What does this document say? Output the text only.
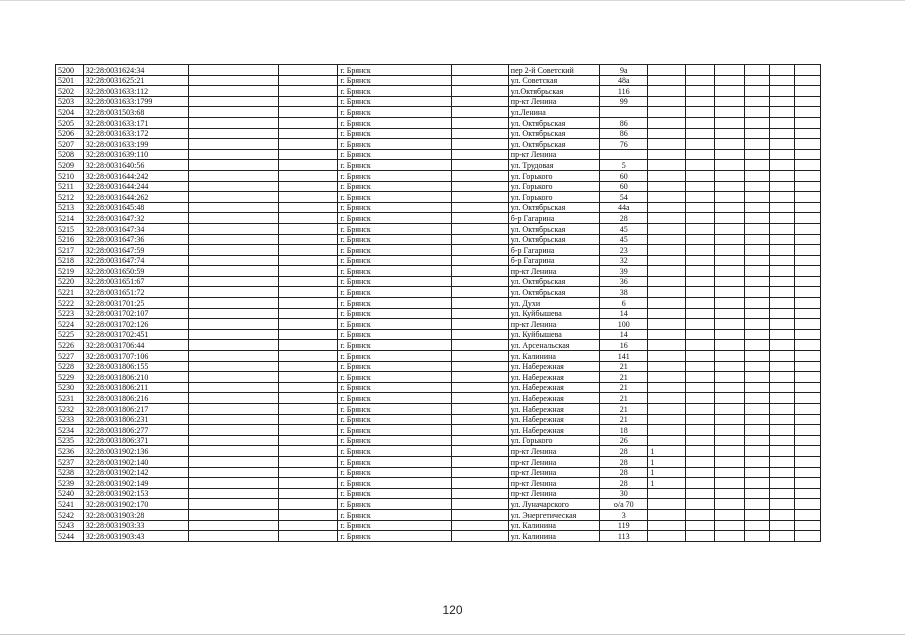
5200	32:28:0031624:34			г. Брянск		пер 2-й Советский	9а						
5201	32:28:0031625:21			г. Брянск		ул. Советская	48а						
5202	32:28:0031633:112			г. Брянск		ул.Октябрьская	116						
5203	32:28:0031633:1799			г. Брянск		пр-кт Ленина	99						
5204	32:28:0031503:68			г. Брянск		ул.Ленина							
5205	32:28:0031633:171			г. Брянск		ул. Октябрьская	86						
5206	32:28:0031633:172			г. Брянск		ул. Октябрьская	86						
5207	32:28:0031633:199			г. Брянск		ул. Октябрьская	76						
5208	32:28:0031639:110			г. Брянск		пр-кт Ленина							
5209	32:28:0031640:56			г. Брянск		ул. Трудовая	5						
5210	32:28:0031644:242			г. Брянск		ул. Горького	60						
5211	32:28:0031644:244			г. Брянск		ул. Горького	60						
5212	32:28:0031644:262			г. Брянск		ул. Горького	54						
5213	32:28:0031645:48			г. Брянск		ул. Октябрьская	44а						
5214	32:28:0031647:32			г. Брянск		б-р Гагарина	28						
5215	32:28:0031647:34			г. Брянск		ул. Октябрьская	45						
5216	32:28:0031647:36			г. Брянск		ул. Октябрьская	45						
5217	32:28:0031647:59			г. Брянск		б-р Гагарина	23						
5218	32:28:0031647:74			г. Брянск		б-р Гагарина	32						
5219	32:28:0031650:59			г. Брянск		пр-кт Ленина	39						
5220	32:28:0031651:67			г. Брянск		ул. Октябрьская	36						
5221	32:28:0031651:72			г. Брянск		ул. Октябрьская	38						
5222	32:28:0031701:25			г. Брянск		ул. Духи	6						
5223	32:28:0031702:107			г. Брянск		ул. Куйбышева	14						
5224	32:28:0031702:126			г. Брянск		пр-кт Ленина	100						
5225	32:28:0031702:451			г. Брянск		ул. Куйбышева	14						
5226	32:28:0031706:44			г. Брянск		ул. Арсенальская	16						
5227	32:28:0031707:106			г. Брянск		ул. Калинина	141						
5228	32:28:0031806:155			г. Брянск		ул. Набережная	21						
5229	32:28:0031806:210			г. Брянск		ул. Набережная	21						
5230	32:28:0031806:211			г. Брянск		ул. Набережная	21						
5231	32:28:0031806:216			г. Брянск		ул. Набережная	21						
5232	32:28:0031806:217			г. Брянск		ул. Набережная	21						
5233	32:28:0031806:231			г. Брянск		ул. Набережная	21						
5234	32:28:0031806:277			г. Брянск		ул. Набережная	18						
5235	32:28:0031806:371			г. Брянск		ул. Горького	26						
5236	32:28:0031902:136			г. Брянск		пр-кт Ленина	28	1					
5237	32:28:0031902:140			г. Брянск		пр-кт Ленина	28	1					
5238	32:28:0031902:142			г. Брянск		пр-кт Ленина	28	1					
5239	32:28:0031902:149			г. Брянск		пр-кт Ленина	28	1					
5240	32:28:0031902:153			г. Брянск		пр-кт Ленина	30						
5241	32:28:0031902:170			г. Брянск		ул. Луначарского	о/а 70						
5242	32:28:0031903:28			г. Брянск		ул. Энергетическая	3						
5243	32:28:0031903:33			г. Брянск		ул. Калинина	119						
5244	32:28:0031903:43			г. Брянск		ул. Калинина	113						
120
